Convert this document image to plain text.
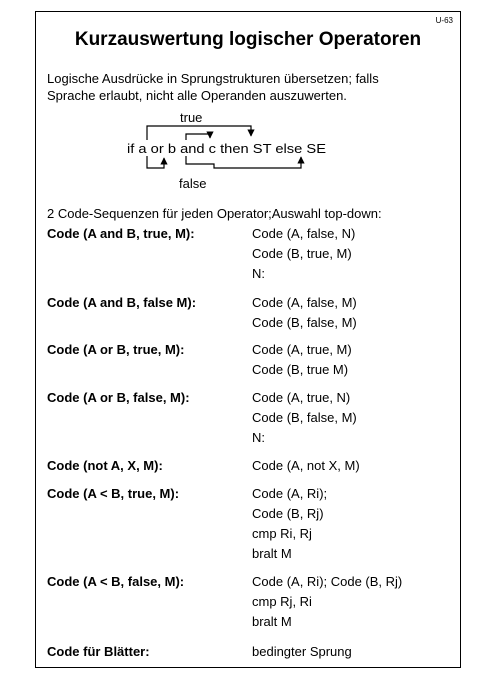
U-63
Kurzauswertung logischer Operatoren
Logische Ausdrücke in Sprungstrukturen übersetzen; falls
Sprache erlaubt, nicht alle Operanden auszuwerten.
true
if a or b and c then ST else SE
false
2 Code-Sequenzen für jeden Operator;Auswahl top-down:
Code (A and B, true, M):	Code (A, false, N)
Code (B, true, M)
N:
Code (A and B, false M):	Code (A, false, M)
Code (B, false, M)
Code (A or B, true, M):	Code (A, true, M)
Code (B, true M)
Code (A or B, false, M):	Code (A, true, N)
Code (B, false, M)
N:
Code (not A, X, M):	Code (A, not X, M)
Code (A < B, true, M):	Code (A, Ri);
Code (B, Rj)
cmp Ri, Rj
bralt M
Code (A < B, false, M):	Code (A, Ri); Code (B, Rj)
cmp Rj, Ri
bralt M
Code für Blätter:	bedingter Sprung
